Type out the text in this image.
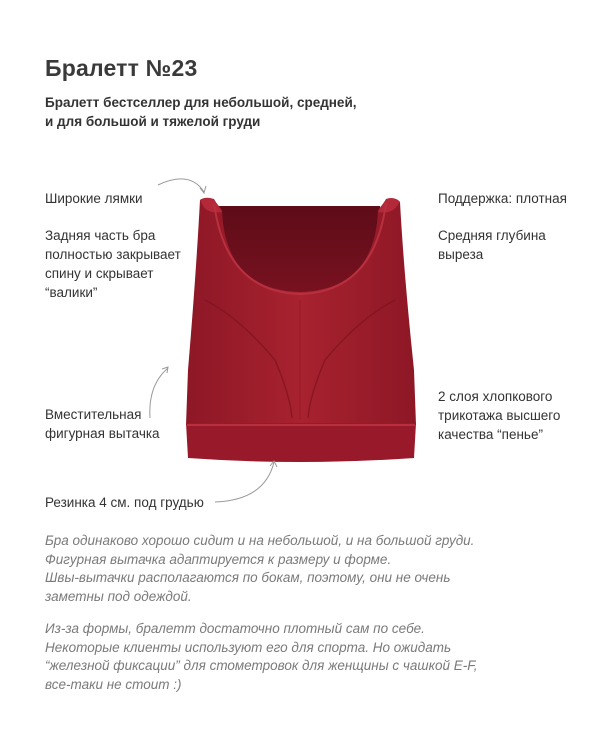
Бралетт №23
Бралетт бестселлер для небольшой, средней,
и для большой и тяжелой груди
Широкие лямки
Задняя часть бра
полностью закрывает
спину и скрывает
“валики”
Вместительная
фигурная вытачка
Резинка 4 см. под грудью
Поддержка: плотная
Средняя глубина
выреза
2 слоя хлопкового
трикотажа высшего
качества “пенье”

Бра одинаково хорошо сидит и на небольшой, и на большой груди.

Фигурная вытачка адаптируется к размеру и форме.

Швы-вытачки располагаются по бокам, поэтому, они не очень

заметны под одеждой.

Из-за формы, бралетт достаточно плотный сам по себе.

Некоторые клиенты используют его для спорта. Но ожидать

“железной фиксации” для стометровок для женщины с чашкой E-F,

все-таки не стоит :)
